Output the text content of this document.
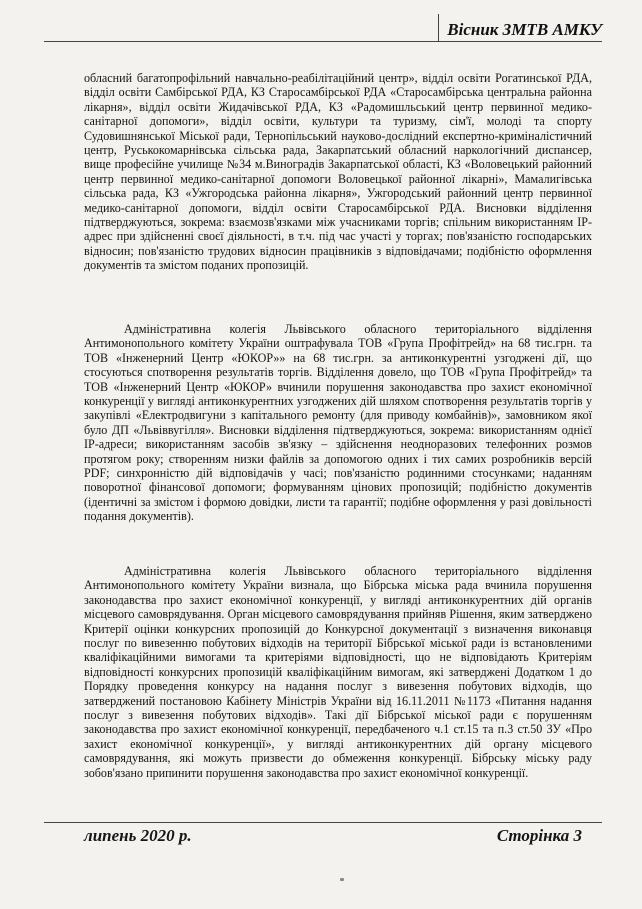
Вісник ЗМТВ АМКУ

обласний багатопрофільний навчально-реабілітаційний центр», відділ освіти Рогатинської РДА, відділ освіти Самбірської РДА, КЗ Старосамбірської РДА «Старосамбірська центральна районна лікарня», відділ освіти Жидачівської РДА, КЗ «Радомишльський центр первинної медико-санітарної допомоги», відділ освіти, культури та туризму, сім'ї, молоді та спорту Судовишнянської Міської ради, Тернопільський науково-дослідний експертно-криміналістичний центр, Руськокомарнівська сільська рада, Закарпатський обласний наркологічний диспансер, вище професійне училище №34 м.Виноградів Закарпатської області, КЗ «Воловецький районний центр первинної медико-санітарної допомоги Воловецької районної лікарні», Мамалигівська сільська рада, КЗ «Ужгородська районна лікарня», Ужгородський районний центр первинної медико-санітарної допомоги, відділ освіти Старосамбірської РДА. Висновки відділення підтверджуються, зокрема: взаємозв'язками між учасниками торгів; спільним використанням IP-адрес при здійсненні своєї діяльності, в т.ч. під час участі у торгах; пов'язаністю господарських відносин; пов'язаністю трудових відносин працівників з відповідачами; подібністю оформлення документів та змістом поданих пропозицій.

Адміністративна колегія Львівського обласного територіального відділення Антимонопольного комітету України оштрафувала ТОВ «Група Профітрейд» на 68 тис.грн. та ТОВ «Інженерний Центр «ЮКОР»» на 68 тис.грн. за антиконкурентні узгоджені дії, що стосуються спотворення результатів торгів. Відділення довело, що ТОВ «Група Профітрейд» та ТОВ «Інженерний Центр «ЮКОР» вчинили порушення законодавства про захист економічної конкуренції у вигляді антиконкурентних узгоджених дій шляхом спотворення результатів торгів у закупівлі «Електродвигуни з капітального ремонту (для приводу комбайнів)», замовником якої було ДП «Львіввугілля». Висновки відділення підтверджуються, зокрема: використанням однієї IP-адреси; використанням засобів зв'язку – здійснення неодноразових телефонних розмов протягом року; створенням низки файлів за допомогою одних і тих самих розробників версій PDF; синхронністю дій відповідачів у часі; пов'язаністю родинними стосунками; наданням поворотної фінансової допомоги; формуванням цінових пропозицій; подібністю документів (ідентичні за змістом і формою довідки, листи та гарантії; подібне оформлення у разі довільності подання документів).

Адміністративна колегія Львівського обласного територіального відділення Антимонопольного комітету України визнала, що Бібрська міська рада вчинила порушення законодавства про захист економічної конкуренції, у вигляді антиконкурентних дій органів місцевого самоврядування. Орган місцевого самоврядування прийняв Рішення, яким затверджено Критерії оцінки конкурсних пропозицій до Конкурсної документації з визначення виконавця послуг по вивезенню побутових відходів на території Бібрської міської ради із встановленими кваліфікаційними вимогами та критеріями відповідності, що не відповідають Критеріям відповідності конкурсних пропозицій кваліфікаційним вимогам, які затверджені Додатком 1 до Порядку проведення конкурсу на надання послуг з вивезення побутових відходів, що затверджений постановою Кабінету Міністрів України від 16.11.2011 №1173 «Питання надання послуг з вивезення побутових відходів». Такі дії Бібрської міської ради є порушенням законодавства про захист економічної конкуренції, передбаченого ч.1 ст.15 та п.3 ст.50 ЗУ «Про захист економічної конкуренції», у вигляді антиконкурентних дій органу місцевого самоврядування, які можуть призвести до обмеження конкуренції. Бібрську міську раду зобов'язано припинити порушення законодавства про захист економічної конкуренції.

липень 2020 р.	Сторінка 3
